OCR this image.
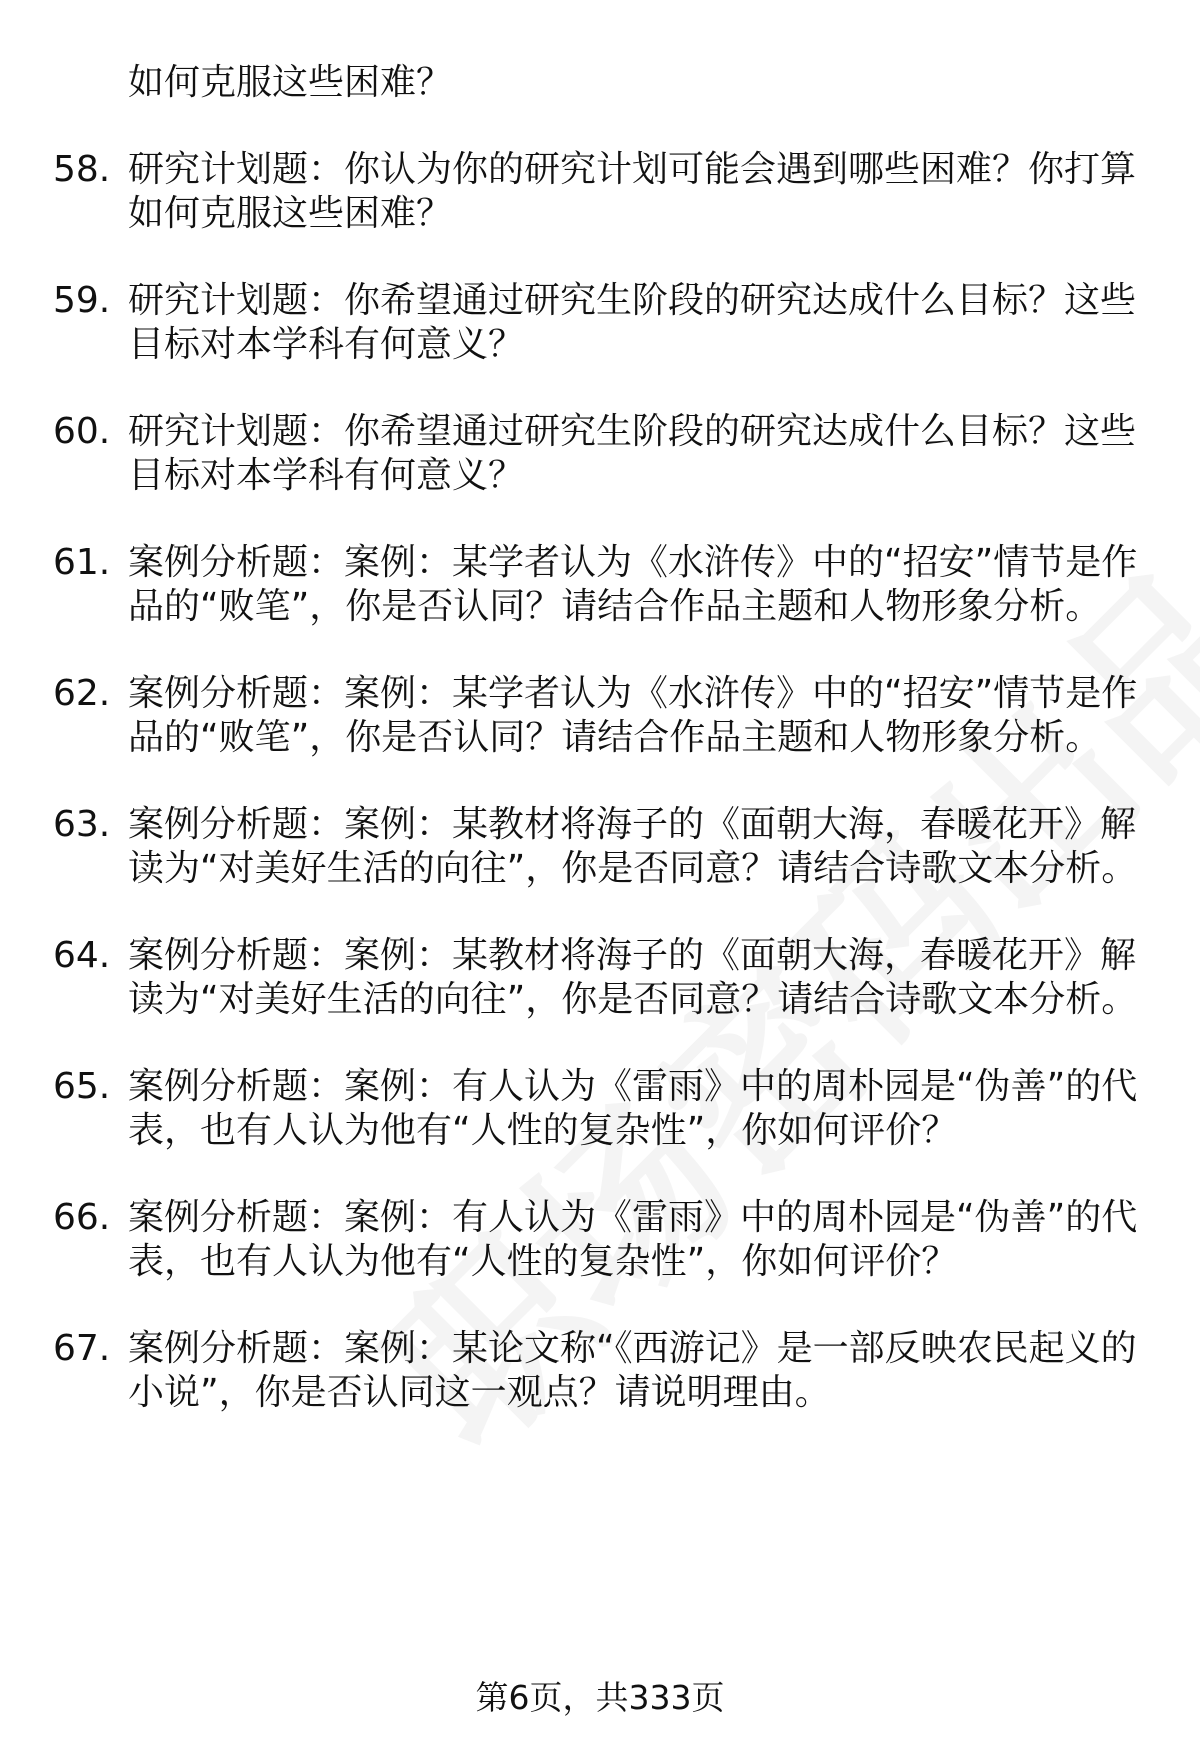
如何克服这些困难？
58. 研究计划题：你认为你的研究计划可能会遇到哪些困难？你打算如何克服这些困难？
59. 研究计划题：你希望通过研究生阶段的研究达成什么目标？这些目标对本学科有何意义？
60. 研究计划题：你希望通过研究生阶段的研究达成什么目标？这些目标对本学科有何意义？
61. 案例分析题：案例：某学者认为《水浒传》中的“招安”情节是作品的“败笔”，你是否认同？请结合作品主题和人物形象分析。
62. 案例分析题：案例：某学者认为《水浒传》中的“招安”情节是作品的“败笔”，你是否认同？请结合作品主题和人物形象分析。
63. 案例分析题：案例：某教材将海子的《面朝大海，春暖花开》解读为“对美好生活的向往”，你是否同意？请结合诗歌文本分析。
64. 案例分析题：案例：某教材将海子的《面朝大海，春暖花开》解读为“对美好生活的向往”，你是否同意？请结合诗歌文本分析。
65. 案例分析题：案例：有人认为《雷雨》中的周朴园是“伪善”的代表，也有人认为他有“人性的复杂性”，你如何评价？
66. 案例分析题：案例：有人认为《雷雨》中的周朴园是“伪善”的代表，也有人认为他有“人性的复杂性”，你如何评价？
67. 案例分析题：案例：某论文称“《西游记》是一部反映农民起义的小说”，你是否认同这一观点？请说明理由。
第6页，共333页
